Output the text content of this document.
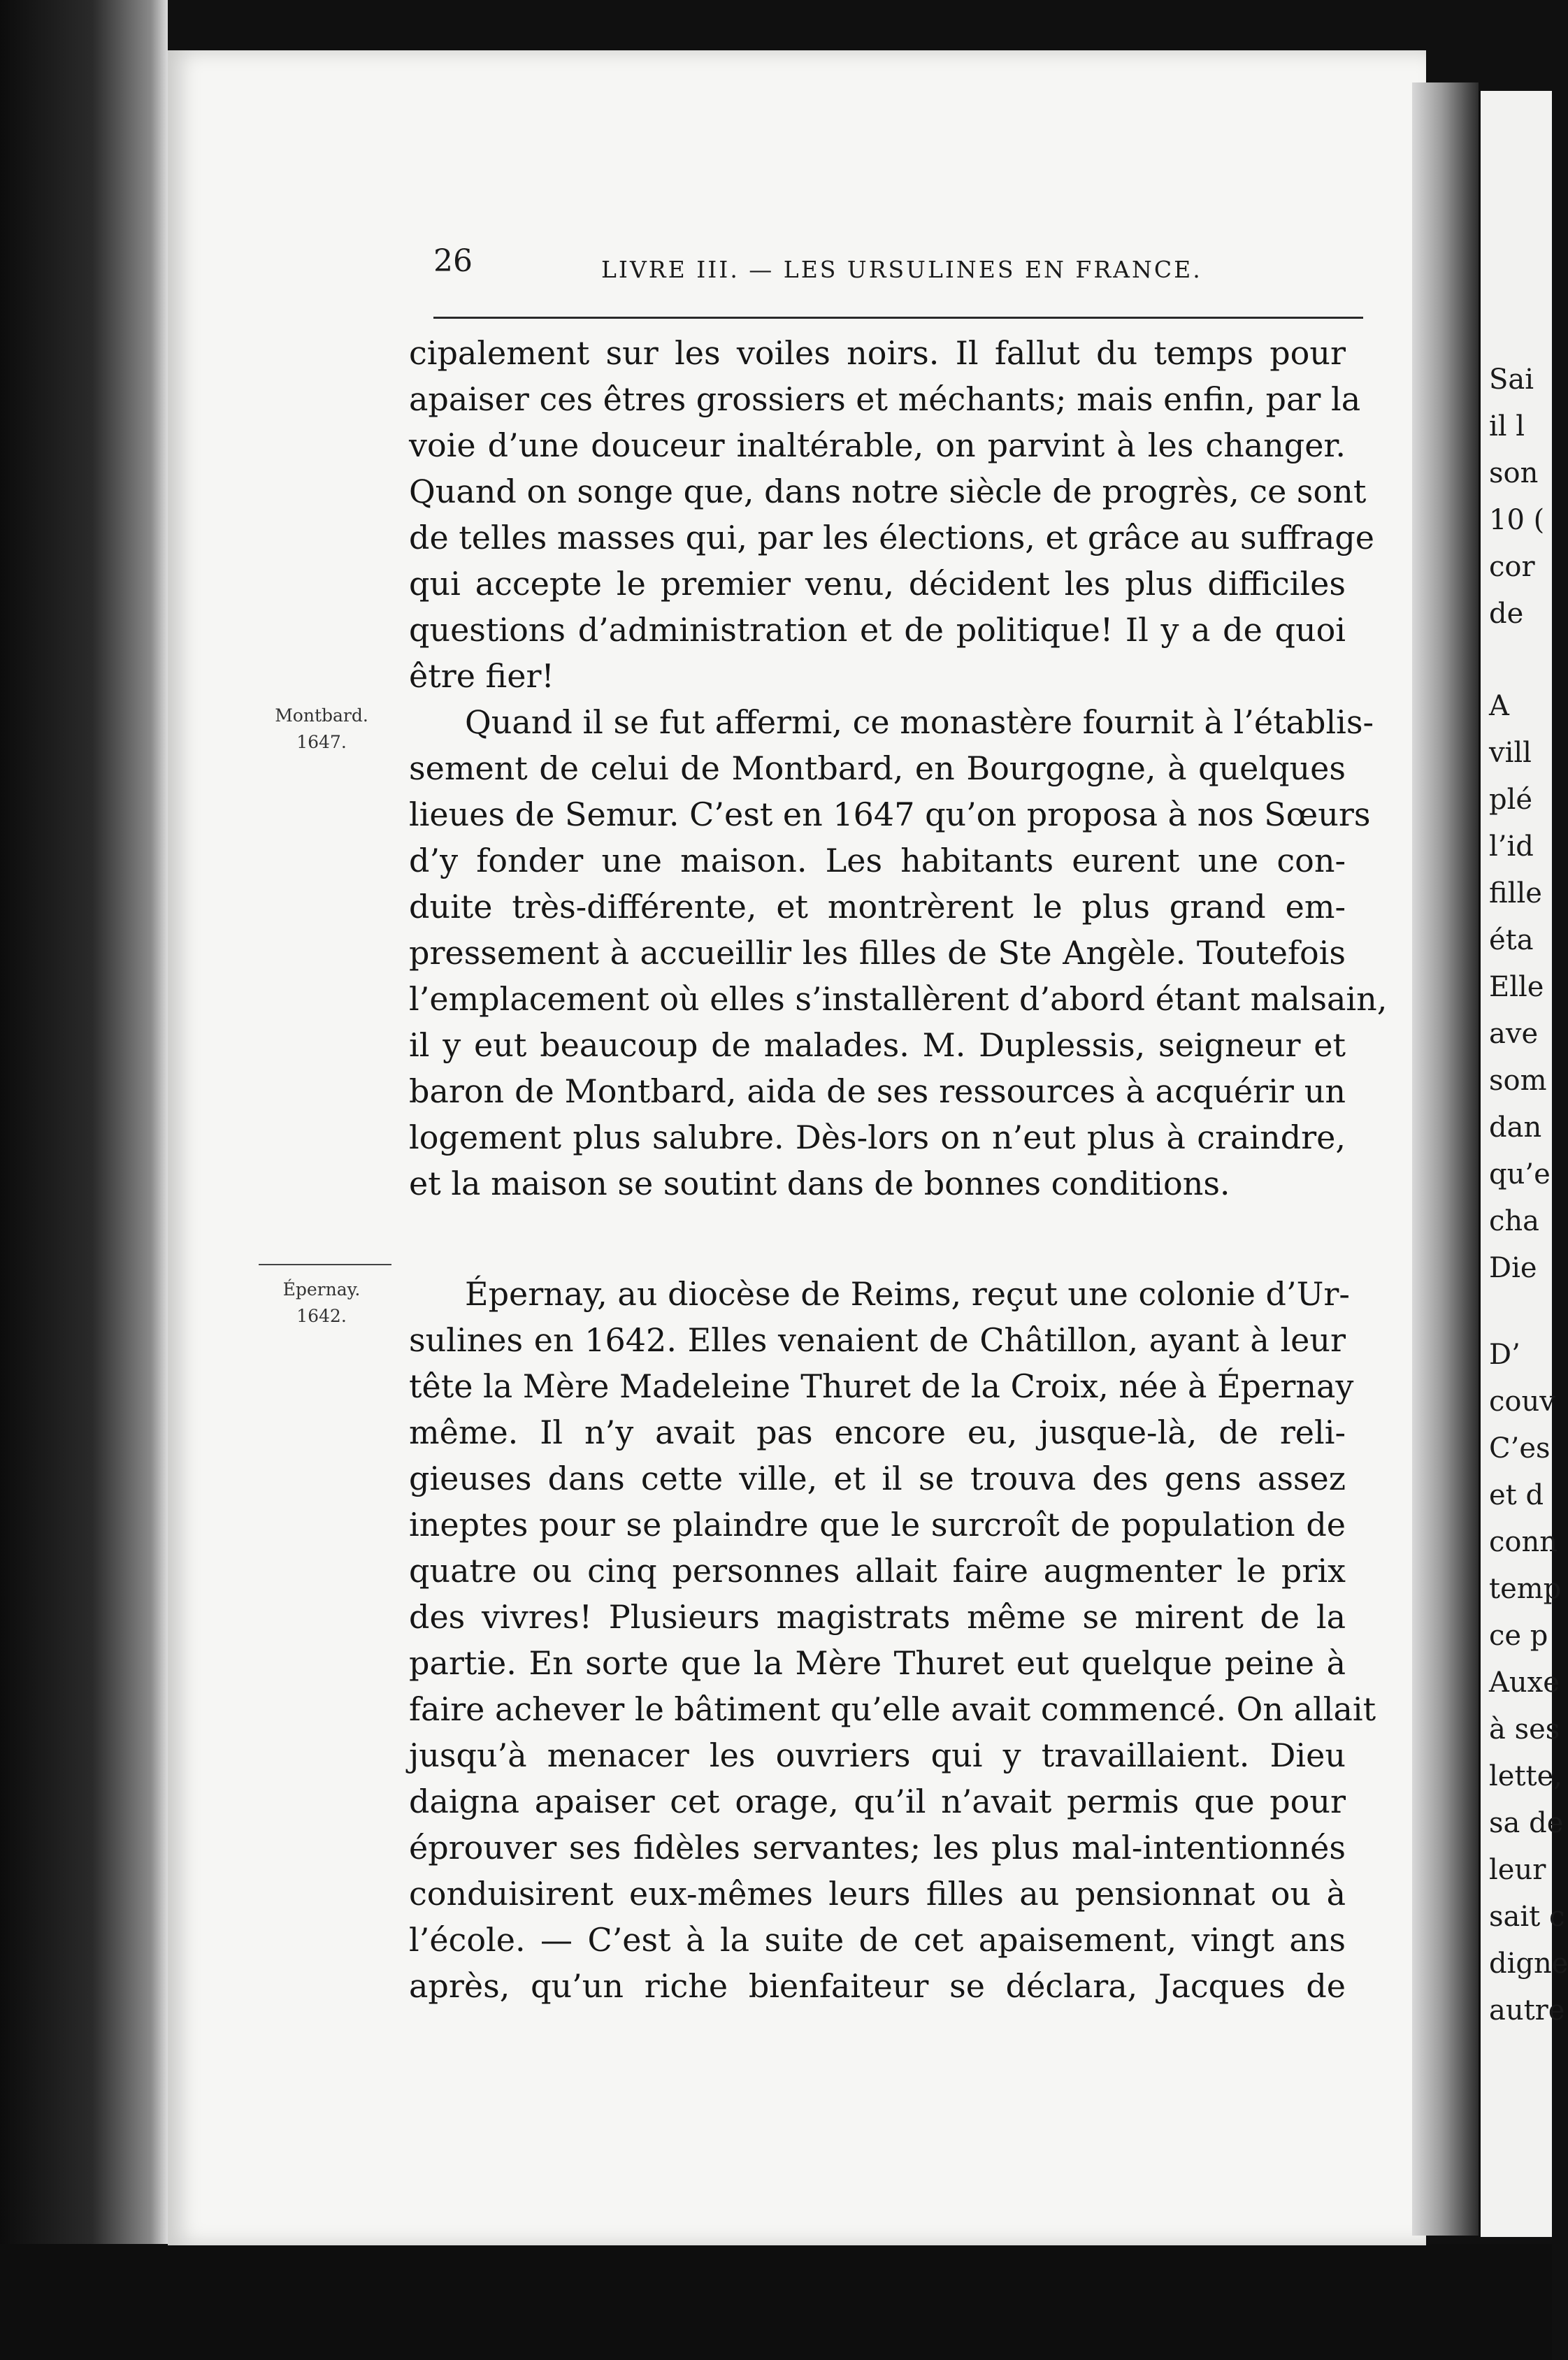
Sai
il l
son
10 (
cor
de
A
vill
plé
l’id
fille
éta
Elle
ave
som
dan
qu’e
cha
Die
D’
couv
C’es
et d
conn
temp
ce p
Auxe
à ses
lette,
sa de
leur
sait c
digne
autre
26	LIVRE III. — LES URSULINES EN FRANCE.
Montbard.
1647.
Épernay.
1642.
cipalement sur les voiles noirs. Il fallut du temps pour
apaiser ces êtres grossiers et méchants; mais enfin, par la
voie d’une douceur inaltérable, on parvint à les changer.
Quand on songe que, dans notre siècle de progrès, ce sont
de telles masses qui, par les élections, et grâce au suffrage
qui accepte le premier venu, décident les plus difficiles
questions d’administration et de politique! Il y a de quoi
être fier!
Quand il se fut affermi, ce monastère fournit à l’établis-
sement de celui de Montbard, en Bourgogne, à quelques
lieues de Semur. C’est en 1647 qu’on proposa à nos Sœurs
d’y fonder une maison. Les habitants eurent une con-
duite très-différente, et montrèrent le plus grand em-
pressement à accueillir les filles de Ste Angèle. Toutefois
l’emplacement où elles s’installèrent d’abord étant malsain,
il y eut beaucoup de malades. M. Duplessis, seigneur et
baron de Montbard, aida de ses ressources à acquérir un
logement plus salubre. Dès-lors on n’eut plus à craindre,
et la maison se soutint dans de bonnes conditions.
Épernay, au diocèse de Reims, reçut une colonie d’Ur-
sulines en 1642. Elles venaient de Châtillon, ayant à leur
tête la Mère Madeleine Thuret de la Croix, née à Épernay
même. Il n’y avait pas encore eu, jusque-là, de reli-
gieuses dans cette ville, et il se trouva des gens assez
ineptes pour se plaindre que le surcroît de population de
quatre ou cinq personnes allait faire augmenter le prix
des vivres! Plusieurs magistrats même se mirent de la
partie. En sorte que la Mère Thuret eut quelque peine à
faire achever le bâtiment qu’elle avait commencé. On allait
jusqu’à menacer les ouvriers qui y travaillaient. Dieu
daigna apaiser cet orage, qu’il n’avait permis que pour
éprouver ses fidèles servantes; les plus mal-intentionnés
conduisirent eux-mêmes leurs filles au pensionnat ou à
l’école. — C’est à la suite de cet apaisement, vingt ans
après, qu’un riche bienfaiteur se déclara, Jacques de
